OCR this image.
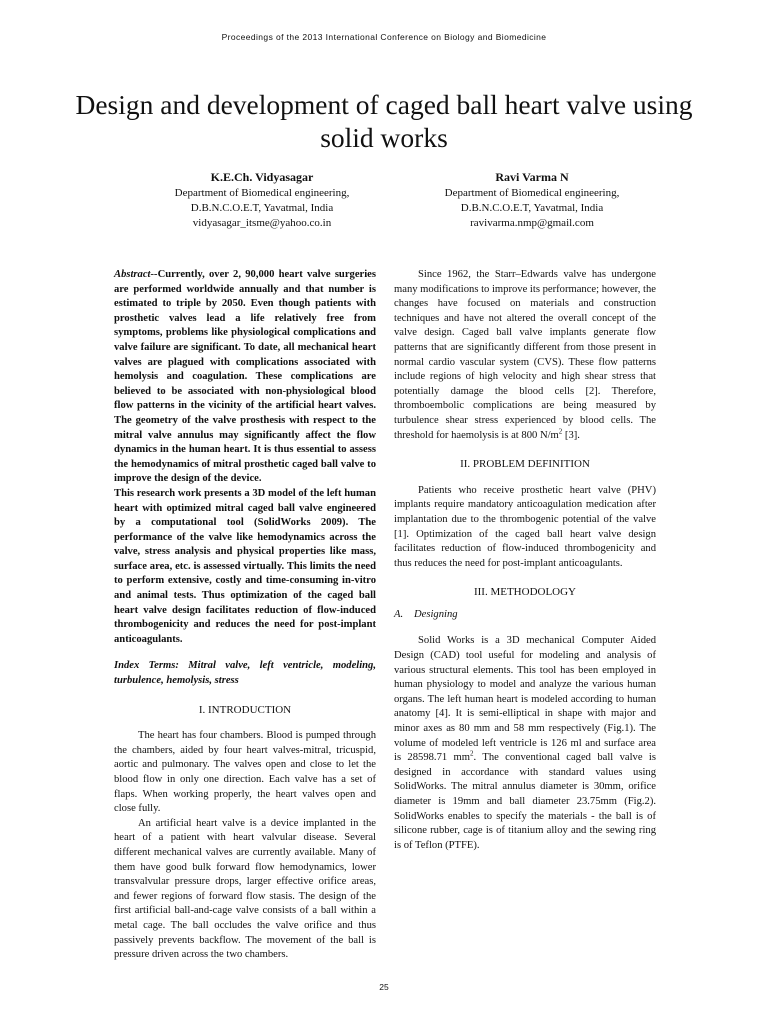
Proceedings of the 2013 International Conference on Biology and Biomedicine
Design and development of caged ball heart valve using solid works
K.E.Ch. Vidyasagar
Department of Biomedical engineering,
D.B.N.C.O.E.T, Yavatmal, India
vidyasagar_itsme@yahoo.co.in
Ravi Varma N
Department of Biomedical engineering,
D.B.N.C.O.E.T, Yavatmal, India
ravivarma.nmp@gmail.com

Abstract--Currently, over 2, 90,000 heart valve surgeries are performed worldwide annually and that number is estimated to triple by 2050. Even though patients with prosthetic valves lead a life relatively free from symptoms, problems like physiological complications and valve failure are significant. To date, all mechanical heart valves are plagued with complications associated with hemolysis and coagulation. These complications are believed to be associated with non-physiological blood flow patterns in the vicinity of the artificial heart valves. The geometry of the valve prosthesis with respect to the mitral valve annulus may significantly affect the flow dynamics in the human heart. It is thus essential to assess the hemodynamics of mitral prosthetic caged ball valve to improve the design of the device.

This research work presents a 3D model of the left human heart with optimized mitral caged ball valve engineered by a computational tool (SolidWorks 2009). The performance of the valve like hemodynamics across the valve, stress analysis and physical properties like mass, surface area, etc. is assessed virtually. This limits the need to perform extensive, costly and time-consuming in-vitro and animal tests. Thus optimization of the caged ball heart valve design facilitates reduction of flow-induced thrombogenicity and reduces the need for post-implant anticoagulants.

Index Terms: Mitral valve, left ventricle, modeling, turbulence, hemolysis, stress

I. INTRODUCTION

The heart has four chambers. Blood is pumped through the chambers, aided by four heart valves-mitral, tricuspid, aortic and pulmonary. The valves open and close to let the blood flow in only one direction. Each valve has a set of flaps. When working properly, the heart valves open and close fully.

An artificial heart valve is a device implanted in the heart of a patient with heart valvular disease. Several different mechanical valves are currently available. Many of them have good bulk forward flow hemodynamics, lower transvalvular pressure drops, larger effective orifice areas, and fewer regions of forward flow stasis. The design of the first artificial ball-and-cage valve consists of a ball within a metal cage. The ball occludes the valve orifice and thus passively prevents backflow. The movement of the ball is pressure driven across the two chambers.

Since 1962, the Starr–Edwards valve has undergone many modifications to improve its performance; however, the changes have focused on materials and construction techniques and have not altered the overall concept of the valve design. Caged ball valve implants generate flow patterns that are significantly different from those present in normal cardio vascular system (CVS). These flow patterns include regions of high velocity and high shear stress that potentially damage the blood cells [2]. Therefore, thromboembolic complications are being measured by turbulence shear stress experienced by blood cells. The threshold for haemolysis is at 800 $N/m^2$ [3].

II. PROBLEM DEFINITION

Patients who receive prosthetic heart valve (PHV) implants require mandatory anticoagulation medication after implantation due to the thrombogenic potential of the valve [1]. Optimization of the caged ball heart valve design facilitates reduction of flow-induced thrombogenicity and thus reduces the need for post-implant anticoagulants.

III. METHODOLOGY

A. Designing

Solid Works is a 3D mechanical Computer Aided Design (CAD) tool useful for modeling and analysis of various structural elements. This tool has been employed in human physiology to model and analyze the various human organs. The left human heart is modeled according to human anatomy [4]. It is semi-elliptical in shape with major and minor axes as 80 mm and 58 mm respectively (Fig.1). The volume of modeled left ventricle is 126 ml and surface area is 28598.71 $mm^2$. The conventional caged ball valve is designed in accordance with standard values using SolidWorks. The mitral annulus diameter is 30mm, orifice diameter is 19mm and ball diameter 23.75mm (Fig.2). SolidWorks enables to specify the materials - the ball is of silicone rubber, cage is of titanium alloy and the sewing ring is of Teflon (PTFE).

25
